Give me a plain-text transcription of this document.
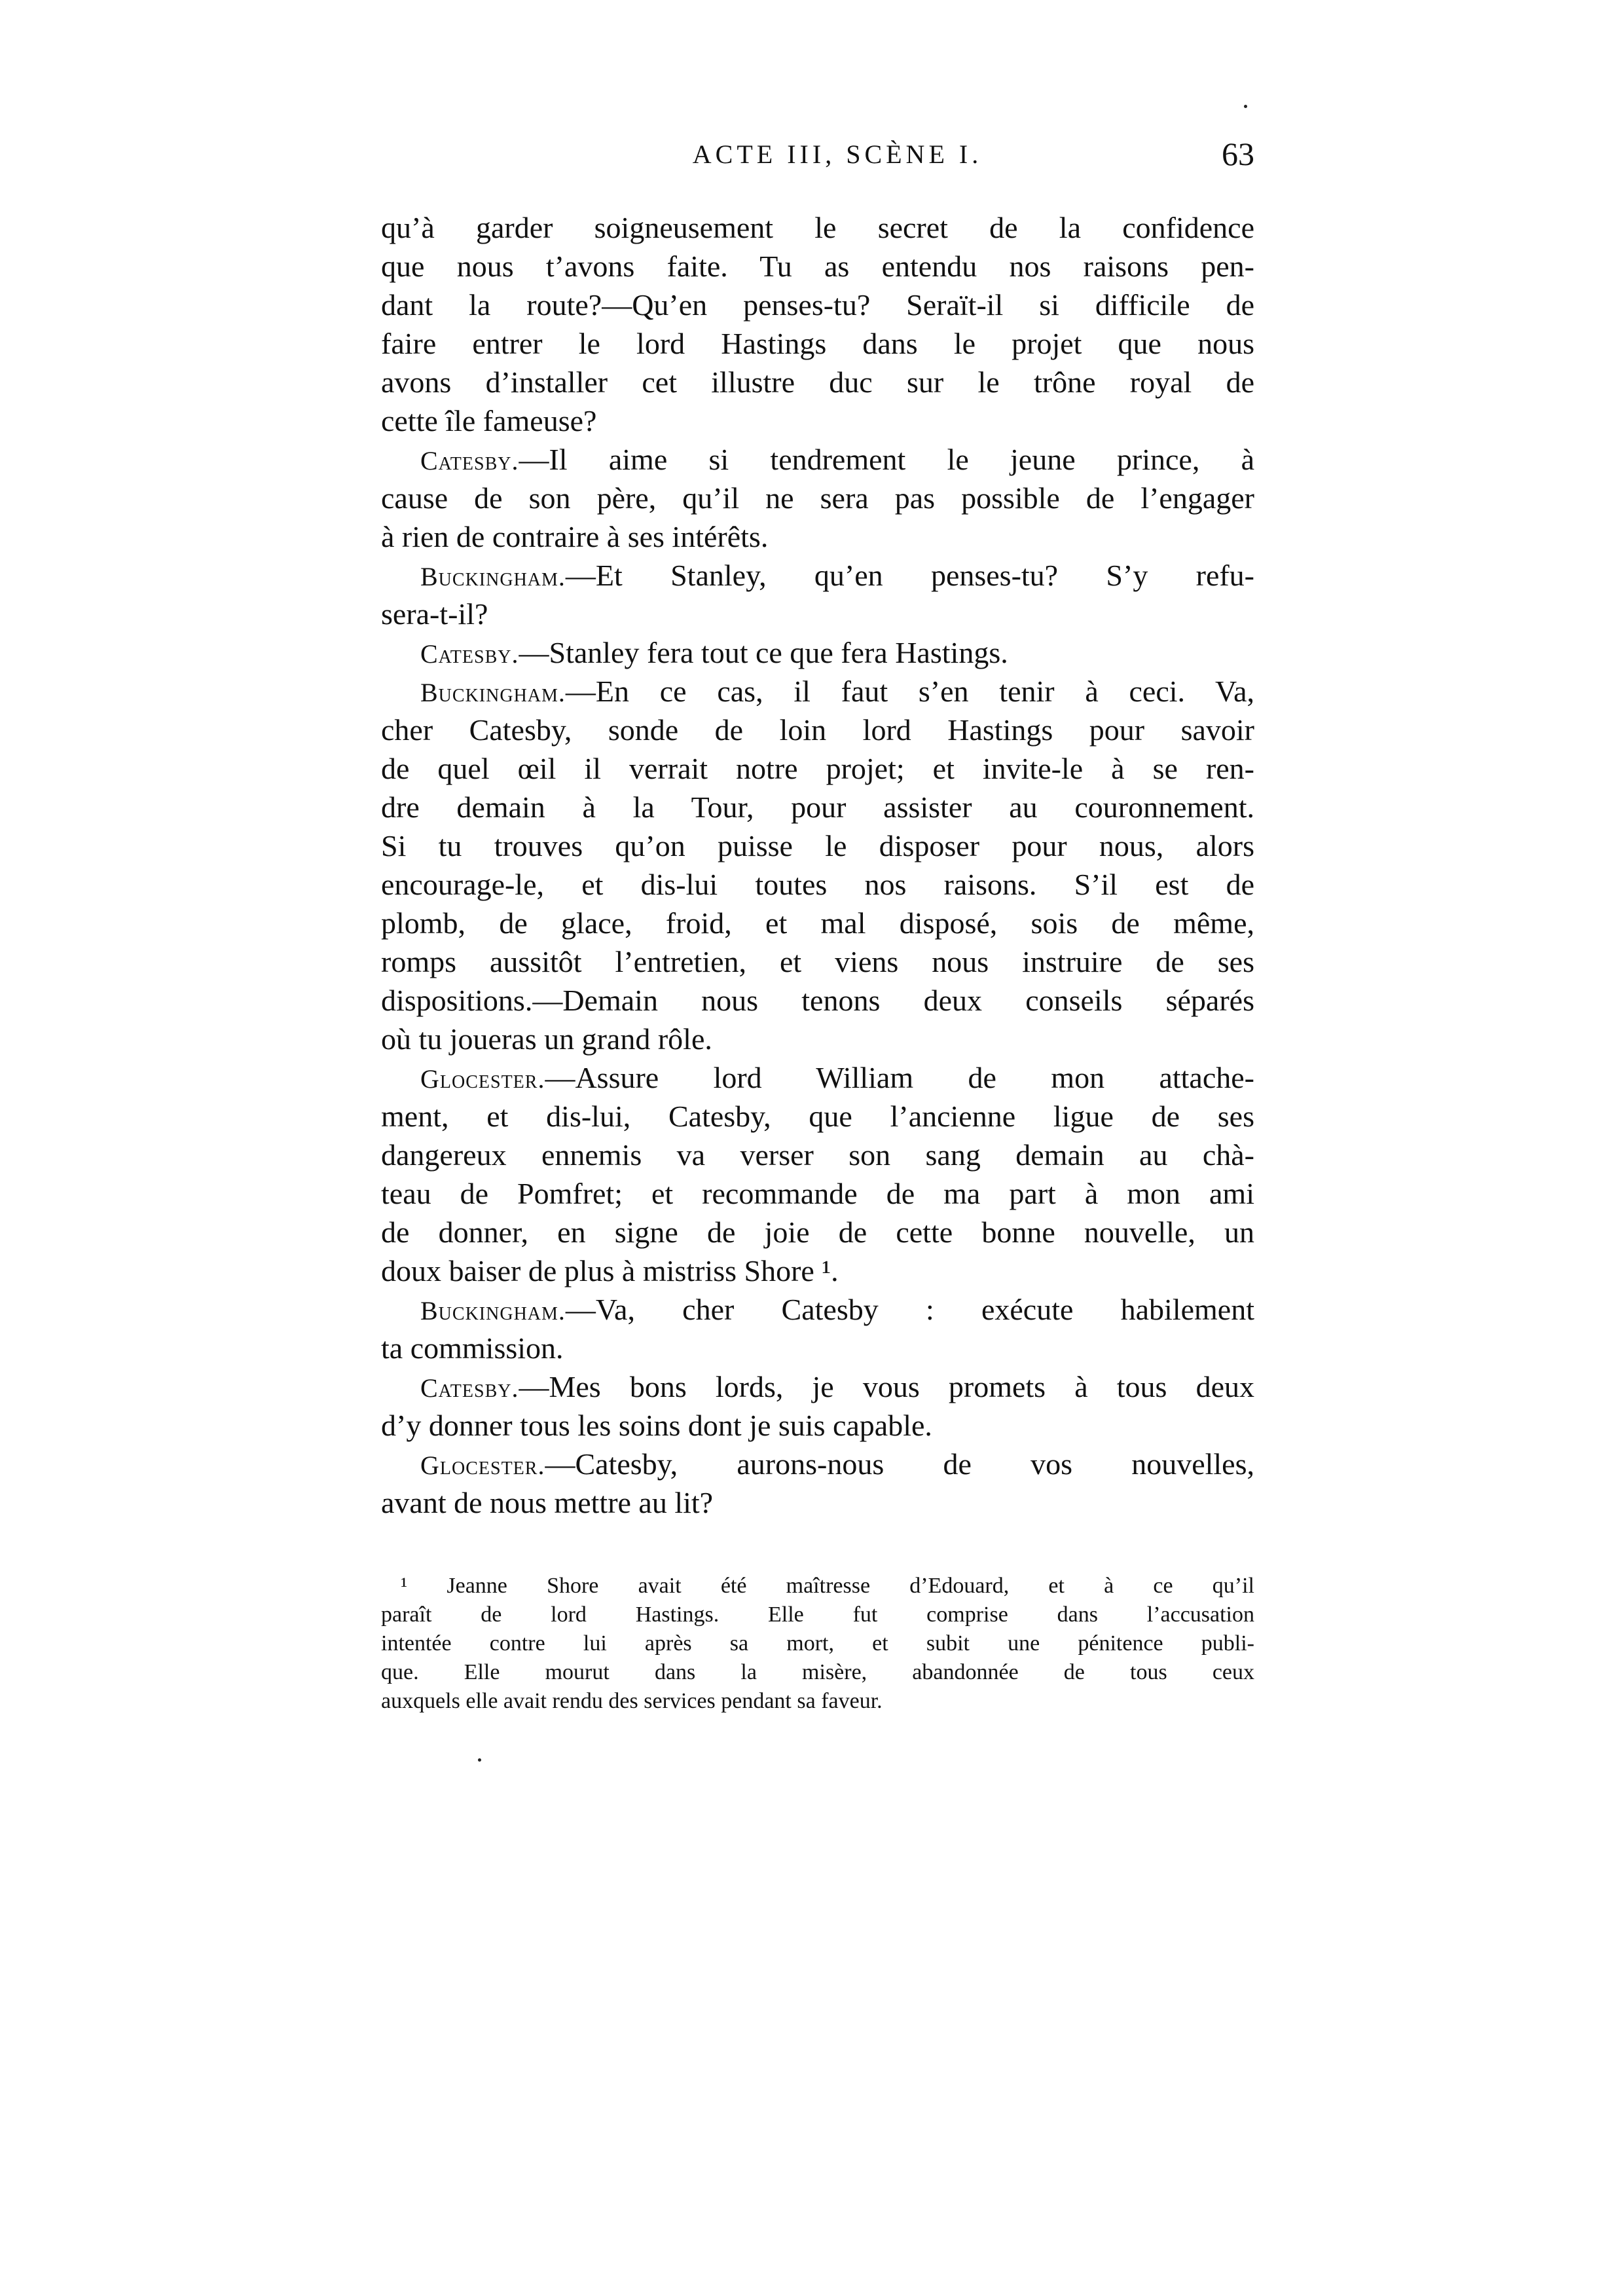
ACTE III, SCÈNE I.	63
qu’à garder soigneusement le secret de la confidence
que nous t’avons faite. Tu as entendu nos raisons pen-
dant la route?—Qu’en penses-tu? Seraït-il si difficile de
faire entrer le lord Hastings dans le projet que nous
avons d’installer cet illustre duc sur le trône royal de
cette île fameuse?
Catesby.—Il aime si tendrement le jeune prince, à
cause de son père, qu’il ne sera pas possible de l’engager
à rien de contraire à ses intérêts.
Buckingham.—Et Stanley, qu’en penses-tu? S’y refu-
sera-t-il?
Catesby.—Stanley fera tout ce que fera Hastings.
Buckingham.—En ce cas, il faut s’en tenir à ceci. Va,
cher Catesby, sonde de loin lord Hastings pour savoir
de quel œil il verrait notre projet; et invite-le à se ren-
dre demain à la Tour, pour assister au couronnement.
Si tu trouves qu’on puisse le disposer pour nous, alors
encourage-le, et dis-lui toutes nos raisons. S’il est de
plomb, de glace, froid, et mal disposé, sois de même,
romps aussitôt l’entretien, et viens nous instruire de ses
dispositions.—Demain nous tenons deux conseils séparés
où tu joueras un grand rôle.
Glocester.—Assure lord William de mon attache-
ment, et dis-lui, Catesby, que l’ancienne ligue de ses
dangereux ennemis va verser son sang demain au chà-
teau de Pomfret; et recommande de ma part à mon ami
de donner, en signe de joie de cette bonne nouvelle, un
doux baiser de plus à mistriss Shore ¹.
Buckingham.—Va, cher Catesby : exécute habilement
ta commission.
Catesby.—Mes bons lords, je vous promets à tous deux
d’y donner tous les soins dont je suis capable.
Glocester.—Catesby, aurons-nous de vos nouvelles,
avant de nous mettre au lit?
¹ Jeanne Shore avait été maîtresse d’Edouard, et à ce qu’il
paraît de lord Hastings. Elle fut comprise dans l’accusation
intentée contre lui après sa mort, et subit une pénitence publi-
que. Elle mourut dans la misère, abandonnée de tous ceux
auxquels elle avait rendu des services pendant sa faveur.
